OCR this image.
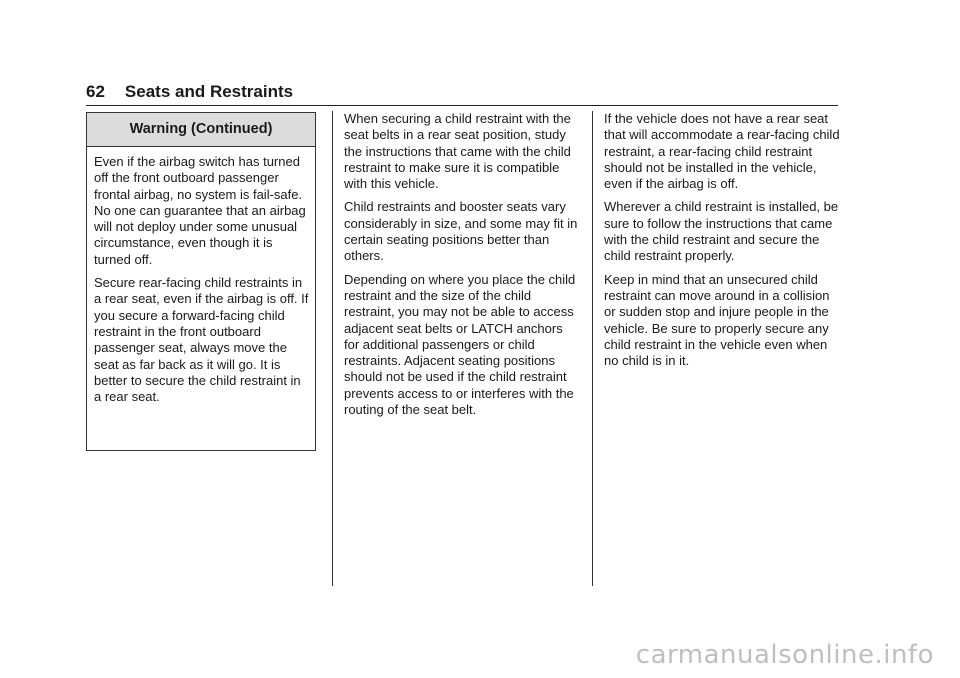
62 Seats and Restraints
Warning (Continued)

Even if the airbag switch has turned off the front outboard passenger frontal airbag, no system is fail-safe. No one can guarantee that an airbag will not deploy under some unusual circumstance, even though it is turned off.

Secure rear-facing child restraints in a rear seat, even if the airbag is off. If you secure a forward-facing child restraint in the front outboard passenger seat, always move the seat as far back as it will go. It is better to secure the child restraint in a rear seat.

When securing a child restraint with the seat belts in a rear seat position, study the instructions that came with the child restraint to make sure it is compatible with this vehicle.

Child restraints and booster seats vary considerably in size, and some may fit in certain seating positions better than others.

Depending on where you place the child restraint and the size of the child restraint, you may not be able to access adjacent seat belts or LATCH anchors for additional passengers or child restraints. Adjacent seating positions should not be used if the child restraint prevents access to or interferes with the routing of the seat belt.

If the vehicle does not have a rear seat that will accommodate a rear-facing child restraint, a rear-facing child restraint should not be installed in the vehicle, even if the airbag is off.

Wherever a child restraint is installed, be sure to follow the instructions that came with the child restraint and secure the child restraint properly.

Keep in mind that an unsecured child restraint can move around in a collision or sudden stop and injure people in the vehicle. Be sure to properly secure any child restraint in the vehicle even when no child is in it.

carmanualsonline.info
